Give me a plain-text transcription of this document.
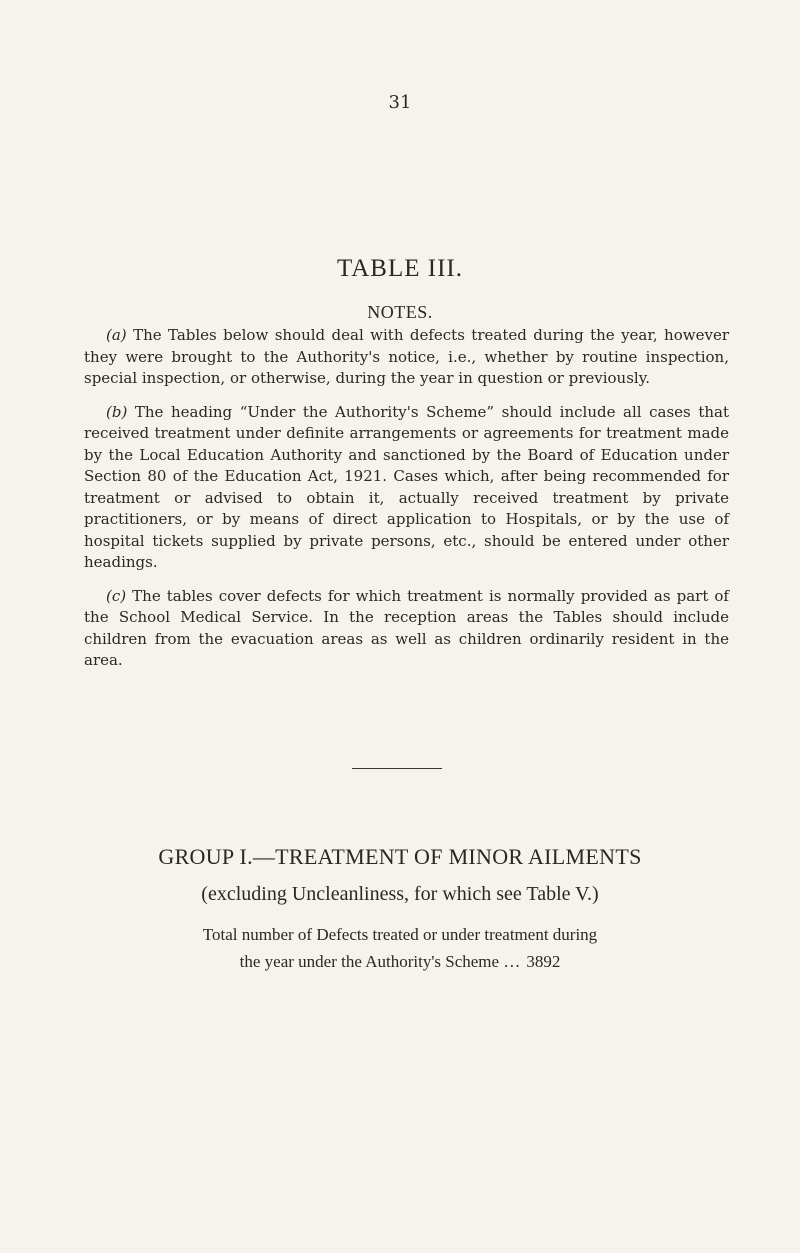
31
TABLE III.
NOTES.

(a) The Tables below should deal with defects treated during the year, however they were brought to the Authority's notice, i.e., whether by routine inspection, special inspection, or otherwise, during the year in question or previously.

(b) The heading “Under the Authority's Scheme” should include all cases that received treatment under definite arrangements or agreements for treatment made by the Local Education Authority and sanctioned by the Board of Education under Section 80 of the Education Act, 1921. Cases which, after being recommended for treatment or advised to obtain it, actually received treatment by private practitioners, or by means of direct application to Hospitals, or by the use of hospital tickets supplied by private persons, etc., should be entered under other headings.

(c) The tables cover defects for which treatment is normally provided as part of the School Medical Service. In the reception areas the Tables should include children from the evacuation areas as well as children ordinarily resident in the area.

GROUP I.—TREATMENT OF MINOR AILMENTS
(excluding Uncleanliness, for which see Table V.)
Total number of Defects treated or under treatment during
the year under the Authority's Scheme … 3892
